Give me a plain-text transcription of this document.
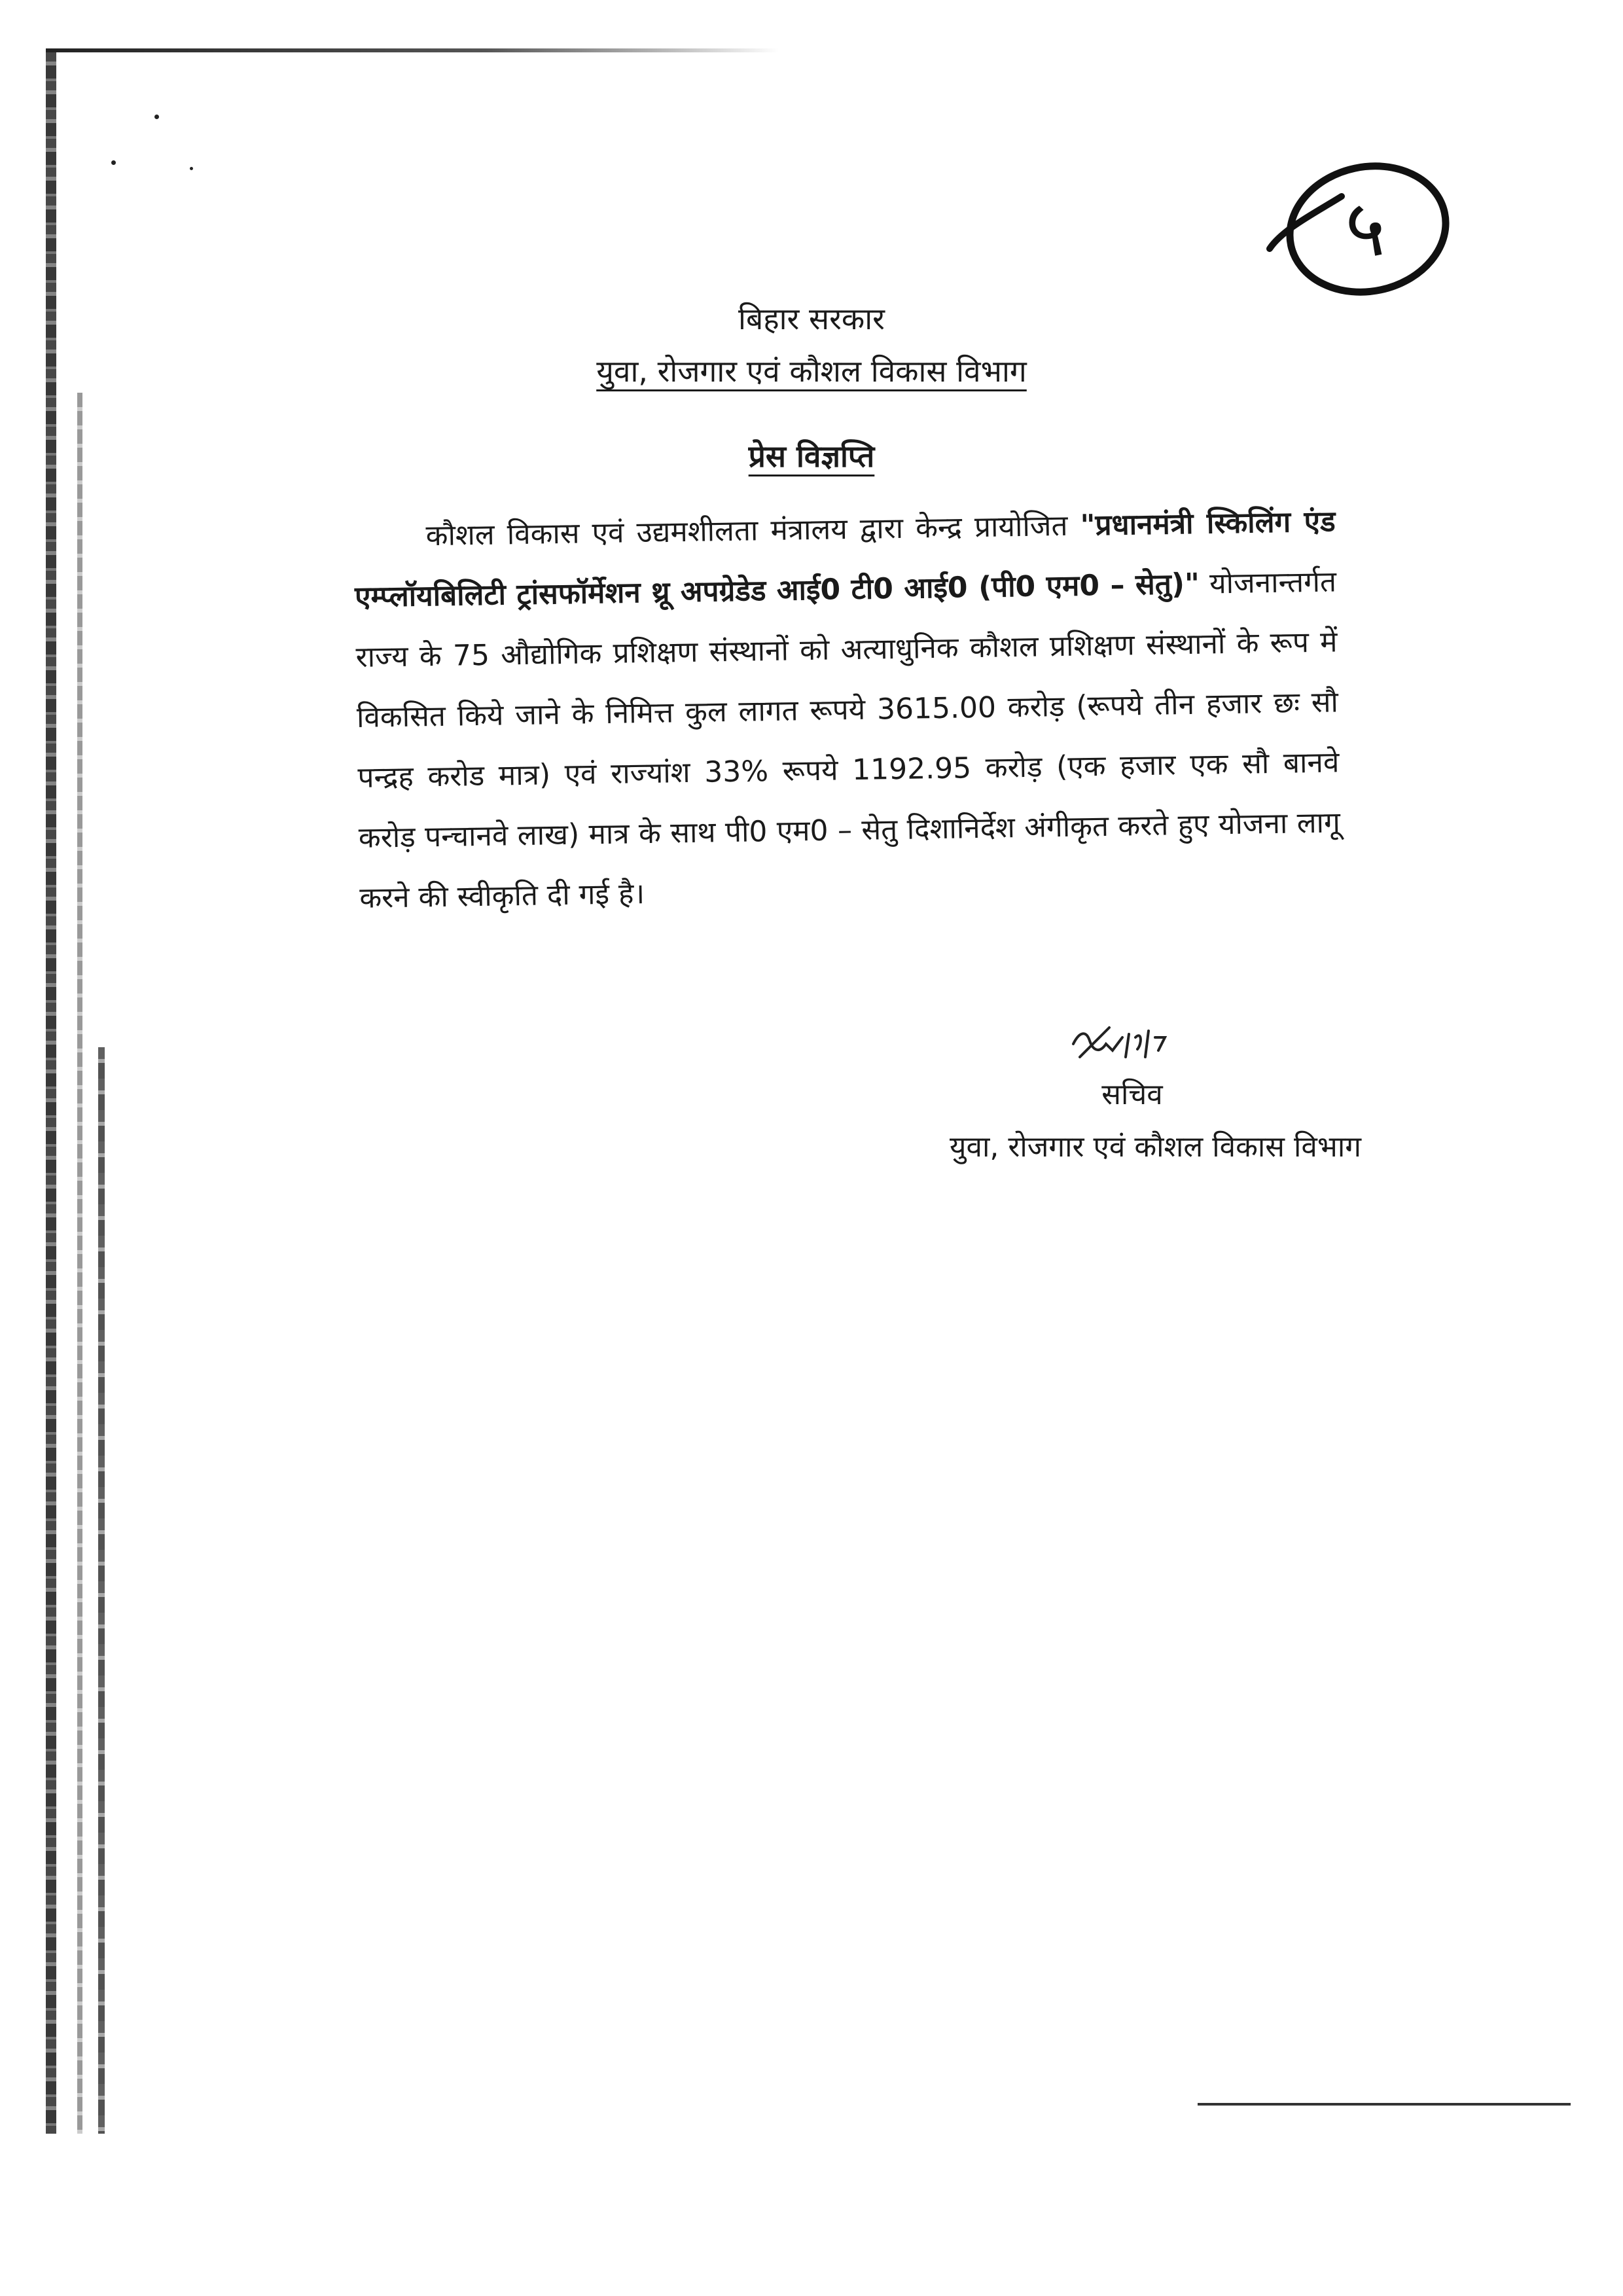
५
बिहार सरकार
युवा, रोजगार एवं कौशल विकास विभाग
प्रेस विज्ञप्ति
कौशल विकास एवं उद्यमशीलता मंत्रालय द्वारा केन्द्र प्रायोजित "प्रधानमंत्री स्किलिंग एंड एम्प्लॉयबिलिटी ट्रांसफॉर्मेशन थ्रू अपग्रेडेड आई0 टी0 आई0 (पी0 एम0 – सेतु)" योजनान्तर्गत राज्य के 75 औद्योगिक प्रशिक्षण संस्थानों को अत्याधुनिक कौशल प्रशिक्षण संस्थानों के रूप में विकसित किये जाने के निमित्त कुल लागत रूपये 3615.00 करोड़ (रूपये तीन हजार छः सौ पन्द्रह करोड मात्र) एवं राज्यांश 33% रूपये 1192.95 करोड़ (एक हजार एक सौ बानवे करोड़ पन्चानवे लाख) मात्र के साथ पी0 एम0 – सेतु दिशानिर्देश अंगीकृत करते हुए योजना लागू करने की स्वीकृति दी गई है।
सचिव
युवा, रोजगार एवं कौशल विकास विभाग
